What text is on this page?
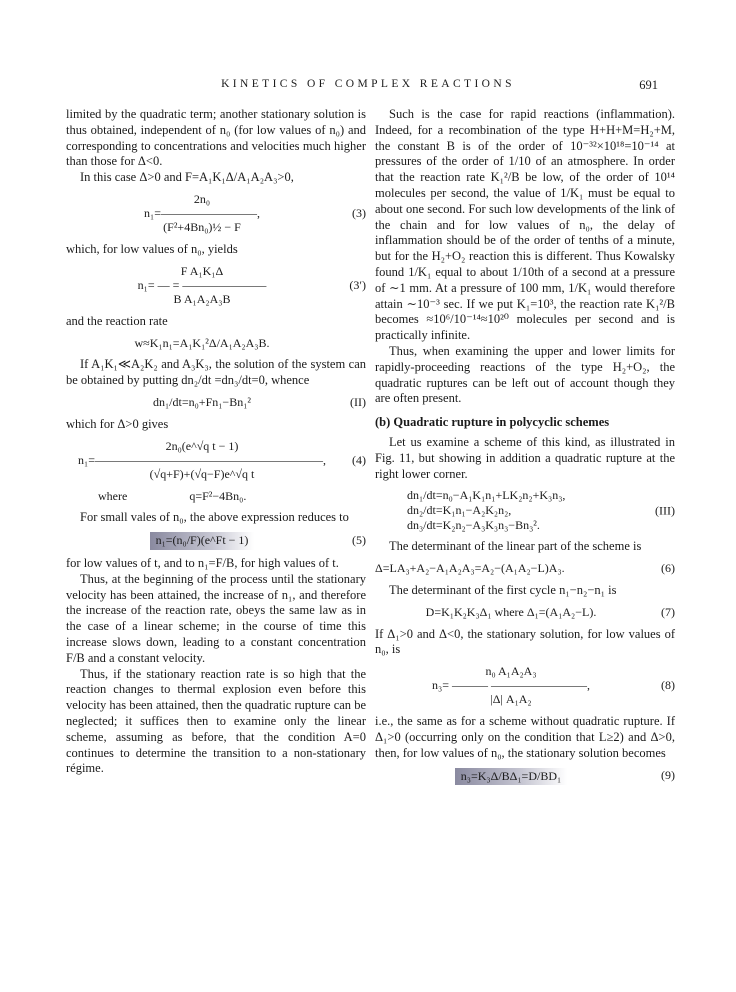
KINETICS OF COMPLEX REACTIONS	691

limited by the quadratic term; another stationary solution is thus obtained, independent of n₀ (for low values of n₀) and corresponding to concentrations and velocities much higher than those for Δ<0.

In this case Δ>0 and F=A₁K₁Δ/A₁A₂A₃>0,

2n₀
n₁=————————,
(F²+4Bn₀)½ − F
(3)

which, for low values of n₀, yields

F A₁K₁Δ
n₁= — = ———————
B A₁A₂A₃B
(3′)

and the reaction rate

w≈K₁n₁=A₁K₁²Δ/A₁A₂A₃B.

If A₁K₁≪A₂K₂ and A₃K₃, the solution of the system can be obtained by putting dn₂/dt =dn₃/dt=0, whence

dn₁/dt=n₀+Fn₁−Bn₁²	(II)

which for Δ>0 gives

2n₀(e^√q t − 1)
n₁=———————————————————,
(√q+F)+(√q−F)e^√q t
(4)
where	q=F²−4Bn₀.

For small vales of n₀, the above expression reduces to

n₁=(n₀/F)(e^Ft − 1)	(5)

for low values of t, and to n₁=F/B, for high values of t.

Thus, at the beginning of the process until the stationary velocity has been attained, the increase of n₁, and therefore the increase of the reaction rate, obeys the same law as in the case of a linear scheme; in the course of time this increase slows down, leading to a constant concentration F/B and a constant velocity.

Thus, if the stationary reaction rate is so high that the reaction changes to thermal explosion even before this velocity has been attained, then the quadratic rupture can be neglected; it suffices then to examine only the linear scheme, assuming as before, that the condition A=0 continues to determine the transition to a non-stationary régime.

Such is the case for rapid reactions (inflammation). Indeed, for a recombination of the type H+H+M=H₂+M, the constant B is of the order of 10⁻³²×10¹⁸=10⁻¹⁴ at pressures of the order of 1/10 of an atmosphere. In order that the reaction rate K₁²/B be low, of the order of 10¹⁴ molecules per second, the value of 1/K₁ must be equal to about one second. For such low developments of the link of the chain and for low values of n₀, the delay of inflammation should be of the order of tenths of a minute, but for the H₂+O₂ reaction this is different. Thus Kowalsky found 1/K₁ equal to about 1/10th of a second at a pressure of ∼1 mm. At a pressure of 100 mm, 1/K₁ would therefore attain ∼10⁻³ sec. If we put K₁=10³, the reaction rate K₁²/B becomes ≈10⁶/10⁻¹⁴≈10²⁰ molecules per second and is practically infinite.

Thus, when examining the upper and lower limits for rapidly-proceeding reactions of the type H₂+O₂, the quadratic ruptures can be left out of account though they are often present.

(b) Quadratic rupture in polycyclic schemes

Let us examine a scheme of this kind, as illustrated in Fig. 11, but showing in addition a quadratic rupture at the right lower corner.

dn₁/dt=n₀−A₁K₁n₁+LK₂n₂+K₃n₃,
dn₂/dt=K₁n₁−A₂K₂n₂,
dn₃/dt=K₂n₂−A₃K₃n₃−Bn₃².
(III)

The determinant of the linear part of the scheme is

Δ=LA₃+A₂−A₁A₂A₃=A₂−(A₁A₂−L)A₃.	(6)

The determinant of the first cycle n₁−n₂−n₁ is

D=K₁K₂K₃Δ₁ where Δ₁=(A₁A₂−L).	(7)

If Δ₁>0 and Δ<0, the stationary solution, for low values of n₀, is

n₀ A₁A₂A₃
n₃= ——— ————————,
|Δ| A₁A₂
(8)

i.e., the same as for a scheme without quadratic rupture. If Δ₁>0 (occurring only on the condition that L≥2) and Δ>0, then, for low values of n₀, the stationary solution becomes

n₃=K₃Δ/BΔ₁=D/BD₁	(9)
